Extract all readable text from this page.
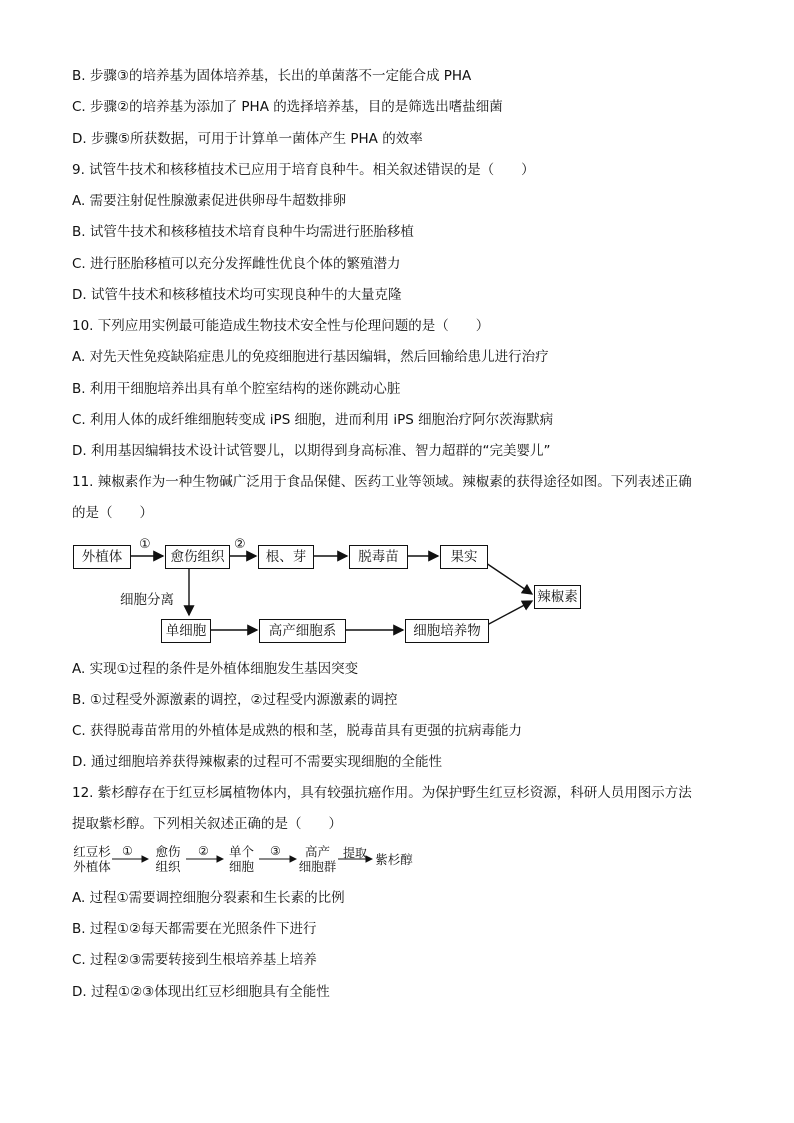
B. 步骤③的培养基为固体培养基，长出的单菌落不一定能合成 PHA
C. 步骤②的培养基为添加了 PHA 的选择培养基，目的是筛选出嗜盐细菌
D. 步骤⑤所获数据，可用于计算单一菌体产生 PHA 的效率
9. 试管牛技术和核移植技术已应用于培育良种牛。相关叙述错误的是（　　）
A. 需要注射促性腺激素促进供卵母牛超数排卵
B. 试管牛技术和核移植技术培育良种牛均需进行胚胎移植
C. 进行胚胎移植可以充分发挥雌性优良个体的繁殖潜力
D. 试管牛技术和核移植技术均可实现良种牛的大量克隆
10. 下列应用实例最可能造成生物技术安全性与伦理问题的是（　　）
A. 对先天性免疫缺陷症患儿的免疫细胞进行基因编辑，然后回输给患儿进行治疗
B. 利用干细胞培养出具有单个腔室结构的迷你跳动心脏
C. 利用人体的成纤维细胞转变成 iPS 细胞，进而利用 iPS 细胞治疗阿尔茨海默病
D. 利用基因编辑技术设计试管婴儿，以期得到身高标准、智力超群的“完美婴儿”
11. 辣椒素作为一种生物碱广泛用于食品保健、医药工业等领域。辣椒素的获得途径如图。下列表述正确
的是（　　）
外植体	愈伤组织	根、芽	脱毒苗	果实
辣椒素
单细胞	高产细胞系	细胞培养物
①	②
细胞分离
A. 实现①过程的条件是外植体细胞发生基因突变
B. ①过程受外源激素的调控，②过程受内源激素的调控
C. 获得脱毒苗常用的外植体是成熟的根和茎，脱毒苗具有更强的抗病毒能力
D. 通过细胞培养获得辣椒素的过程可不需要实现细胞的全能性
12. 紫杉醇存在于红豆杉属植物体内，具有较强抗癌作用。为保护野生红豆杉资源，科研人员用图示方法
提取紫杉醇。下列相关叙述正确的是（　　）
红豆杉
外植体
①	愈伤
组织
②	单个
细胞
③	高产
细胞群
提取 紫杉醇
A. 过程①需要调控细胞分裂素和生长素的比例
B. 过程①②每天都需要在光照条件下进行
C. 过程②③需要转接到生根培养基上培养
D. 过程①②③体现出红豆杉细胞具有全能性
